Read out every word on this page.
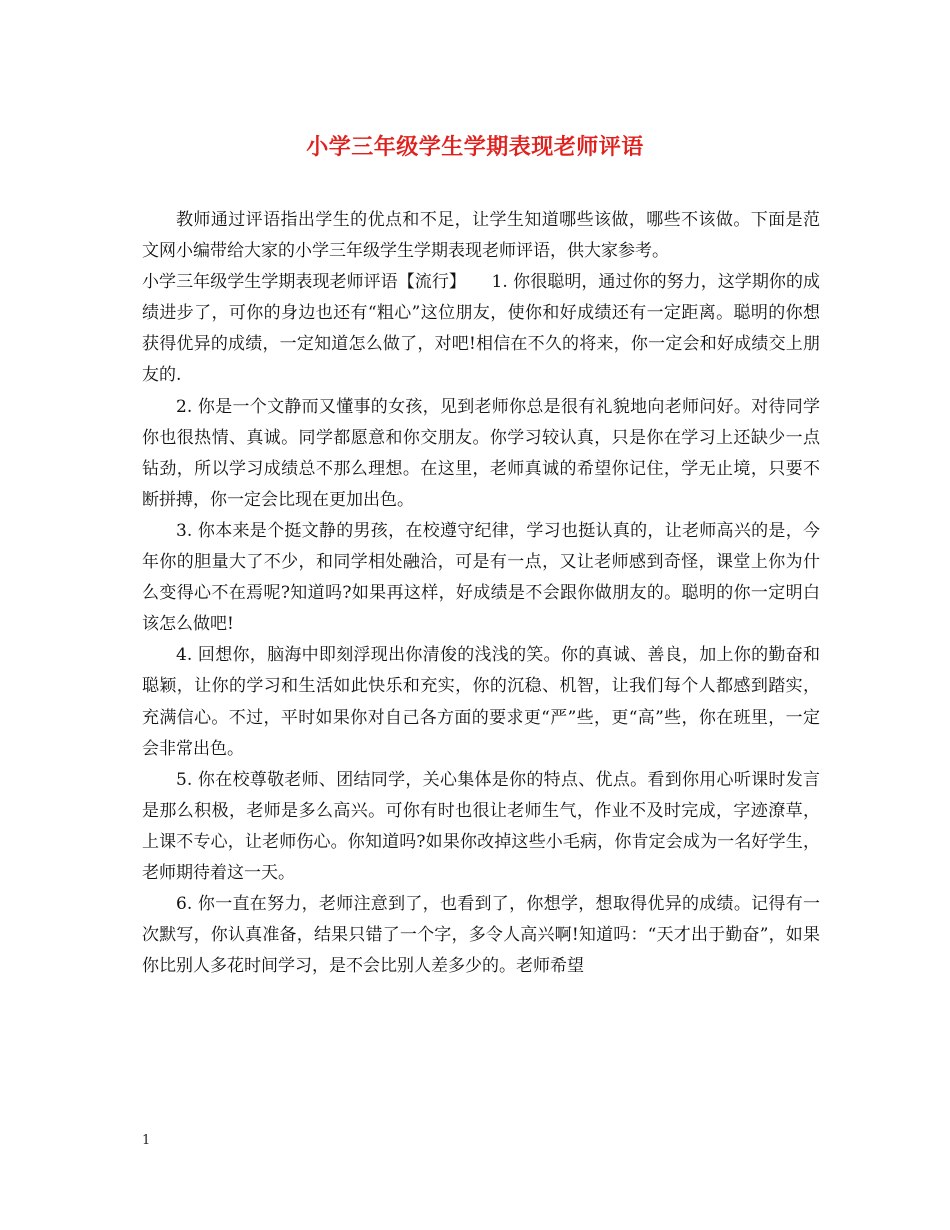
小学三年级学生学期表现老师评语

教师通过评语指出学生的优点和不足，让学生知道哪些该做，哪些不该做。下面是范文网小编带给大家的小学三年级学生学期表现老师评语，供大家参考。

小学三年级学生学期表现老师评语【流行】　　1. 你很聪明，通过你的努力，这学期你的成绩进步了，可你的身边也还有“粗心”这位朋友，使你和好成绩还有一定距离。聪明的你想获得优异的成绩，一定知道怎么做了，对吧!相信在不久的将来，你一定会和好成绩交上朋友的.

2. 你是一个文静而又懂事的女孩，见到老师你总是很有礼貌地向老师问好。对待同学你也很热情、真诚。同学都愿意和你交朋友。你学习较认真，只是你在学习上还缺少一点钻劲，所以学习成绩总不那么理想。在这里，老师真诚的希望你记住，学无止境，只要不断拼搏，你一定会比现在更加出色。

3. 你本来是个挺文静的男孩，在校遵守纪律，学习也挺认真的，让老师高兴的是，今年你的胆量大了不少，和同学相处融洽，可是有一点，又让老师感到奇怪，课堂上你为什么变得心不在焉呢?知道吗?如果再这样，好成绩是不会跟你做朋友的。聪明的你一定明白该怎么做吧!

4. 回想你，脑海中即刻浮现出你清俊的浅浅的笑。你的真诚、善良，加上你的勤奋和聪颖，让你的学习和生活如此快乐和充实，你的沉稳、机智，让我们每个人都感到踏实，充满信心。不过，平时如果你对自己各方面的要求更“严”些，更“高”些，你在班里，一定会非常出色。

5. 你在校尊敬老师、团结同学，关心集体是你的特点、优点。看到你用心听课时发言是那么积极，老师是多么高兴。可你有时也很让老师生气，作业不及时完成，字迹潦草，上课不专心，让老师伤心。你知道吗?如果你改掉这些小毛病，你肯定会成为一名好学生，老师期待着这一天。

6. 你一直在努力，老师注意到了，也看到了，你想学，想取得优异的成绩。记得有一次默写，你认真准备，结果只错了一个字，多令人高兴啊!知道吗：“天才出于勤奋”，如果你比别人多花时间学习，是不会比别人差多少的。老师希望

1
